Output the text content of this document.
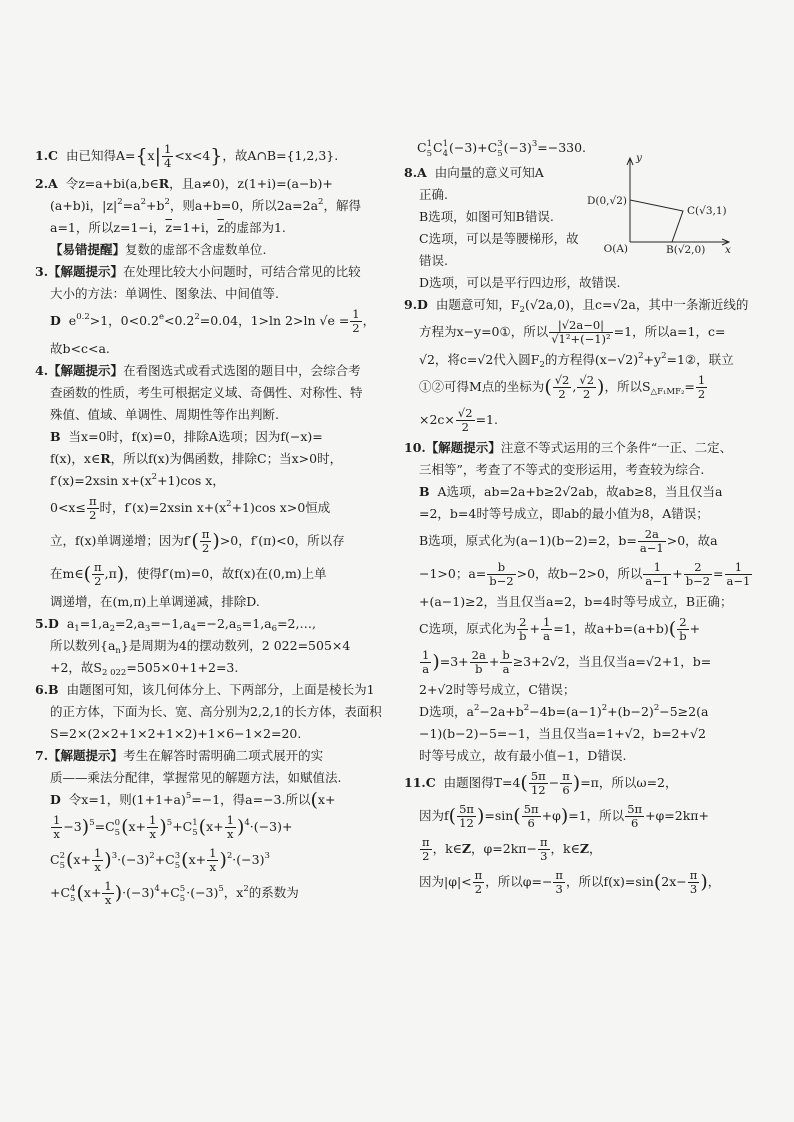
1.C  由已知得$A=\{x| \frac{1}{4} <x<4\}$，故A∩B={1,2,3}.
2.A  令z=a+bi(a,b∈R，且a≠0)，z(1+i)=(a−b)+
(a+b)i，$|z|^2=a^2+b^2$，则a+b=0，所以$2a=2a^2$，解得
a=1，所以z=1−i，$\overline{z}=1+i$，$\overline{z}$的虚部为1.
【易错提醒】复数的虚部不含虚数单位.
3.【解题提示】在处理比较大小问题时，可结合常见的比较
大小的方法：单调性、图象法、中间值等.
D  $e^{0.2}>1$，$0<0.2^e<0.2^2=0.04$，1>ln 2>ln $√e = \frac{1}{2}$ ，
故b<c<a.
4.【解题提示】在看图选式或看式选图的题目中，会综合考
查函数的性质，考生可根据定义域、奇偶性、对称性、特
殊值、值域、单调性、周期性等作出判断.
B  当x=0时，f(x)=0，排除A选项；因为f(−x)=
f(x)，x∈R，所以f(x)为偶函数，排除C；当x>0时，
f′(x)=2xsin $x+(x^2+1)\cos$ x，
$0<x\le \frac{\pi}{2}$ 时，f′(x)=2xsin $x+(x^2+1)\cos$ x>0恒成
立，f(x)单调递增；因为$f'( \frac{\pi}{2} )>0$，f′(π)<0，所以存
在m∈( $\frac{\pi}{2} ,\pi$)，使得f′(m)=0，故f(x)在(0,m)上单
调递增，在(m,π)上单调递减，排除D.
5.D  $a_1=1,a_2=2,a_3=-1,a_4=-2,a_5=1,a_6=2,\dots$,
所以数列$\{a_n\}$是周期为4的摆动数列，2 022=505×4
+2，故$S_{2 022}=505\times 0+1+2=3$.
6.B  由题图可知，该几何体分上、下两部分，上面是棱长为1
的正方体，下面为长、宽、高分别为2,2,1的长方体，表面积
S=2×(2×2+1×2+1×2)+1×6−1×2=20.
7.【解题提示】考生在解答时需明确二项式展开的实
质——乘法分配律，掌握常见的解题方法，如赋值法.
D  令x=1，则$(1+1+a)^5=-1$，得a=−3.所以(x+
$\frac{1}{x} -3)^5=C$ 0
5 $(x+ \frac{1}{x} )^5+C$ 1
5 $(x+ \frac{1}{x} )^4\cdot(-3)+$
C 2
5 $(x+ \frac{1}{x} )^3\cdot(-3)^2+C$ 3
5 $(x+ \frac{1}{x} )^2\cdot(-3)^3$
+C 4
5 $(x+ \frac{1}{x} )\cdot(-3)^4+C$ 5
$5 \cdot(-3)^5$，$x^2$的系数为
C 1
5 C 1
4 (−3)+C 3
5 $(-3)^3=-330$.
8.A  由向量的意义可知A
正确.
B选项，如图可知B错误.
C选项，可以是等腰梯形，故
错误.
D选项，可以是平行四边形，故错误.
9.D  由题意可知，$F_2(√2a,0)$，且c=√2a，其中一条渐近线的
方程为x−y=0①，所以 $\frac{|√2a-0|}{\text{√1²+(−1)²}} =1$，所以a=1，c=
√2，将c=√2代入圆$F_2$的方程得$(x-√2)^2+y^2=1②$，联立
①②可得M点的坐标为( $\frac{√2}{2}$ , $\frac{√2}{2}$ )，所以$S_{\triangle F_1MF_2}= \frac{1}{2}$
$\times 2c\times \frac{√2}{2} =1$.
10.【解题提示】注意不等式运用的三个条件“一正、二定、
三相等”，考查了不等式的变形运用，考查较为综合.
B  A选项，ab=2a+b≥2√2ab，故ab≥8，当且仅当a
=2，b=4时等号成立，即ab的最小值为8，A错误；
B选项，原式化为(a−1)(b−2)=2，$b= \frac{2a}{a-1} >0$，故a
−1>0；$a= \frac{b}{b-2} >0$，故b−2>0，所以 $\frac{1}{a-1} + \frac{2}{b-2} = \frac{1}{a-1}$
+(a−1)≥2，当且仅当a=2，b=4时等号成立，B正确；
C选项，原式化为 $\frac{2}{b} + \frac{1}{a} =1$，故$a+b=(a+b)( \frac{2}{b}$ +
$\frac{1}{a} )=3+ \frac{2a}{b} + \frac{b}{a} \ge 3+2√2$，当且仅当a=√2+1，b=
2+√2时等号成立，C错误；
D选项，$a^2-2a+b^2-4b=(a-1)^2+(b-2)^2-5\ge 2(a$
−1)(b−2)−5=−1，当且仅当a=1+√2，b=2+√2
时等号成立，故有最小值−1，D错误.
11.C  由题图得$T=4( \frac{5\pi}{12} - \frac{\pi}{6} )=\pi$，所以ω=2，
因为$f( \frac{5\pi}{12} )=\sin( \frac{5\pi}{6} +\varphi)=1$，所以 $\frac{5\pi}{6} +\varphi=2k\pi+$
$\frac{\pi}{2}$ ，k∈Z，$\varphi=2k\pi- \frac{\pi}{3}$ ，k∈Z，
因为$|\varphi|< \frac{\pi}{2}$ ，所以$\varphi=- \frac{\pi}{3}$ ，所以$f(x)=\sin(2x- \frac{\pi}{3}$ )，
y
x
O(A)
D(0,√2)
C(√3,1)
B(√2,0)
